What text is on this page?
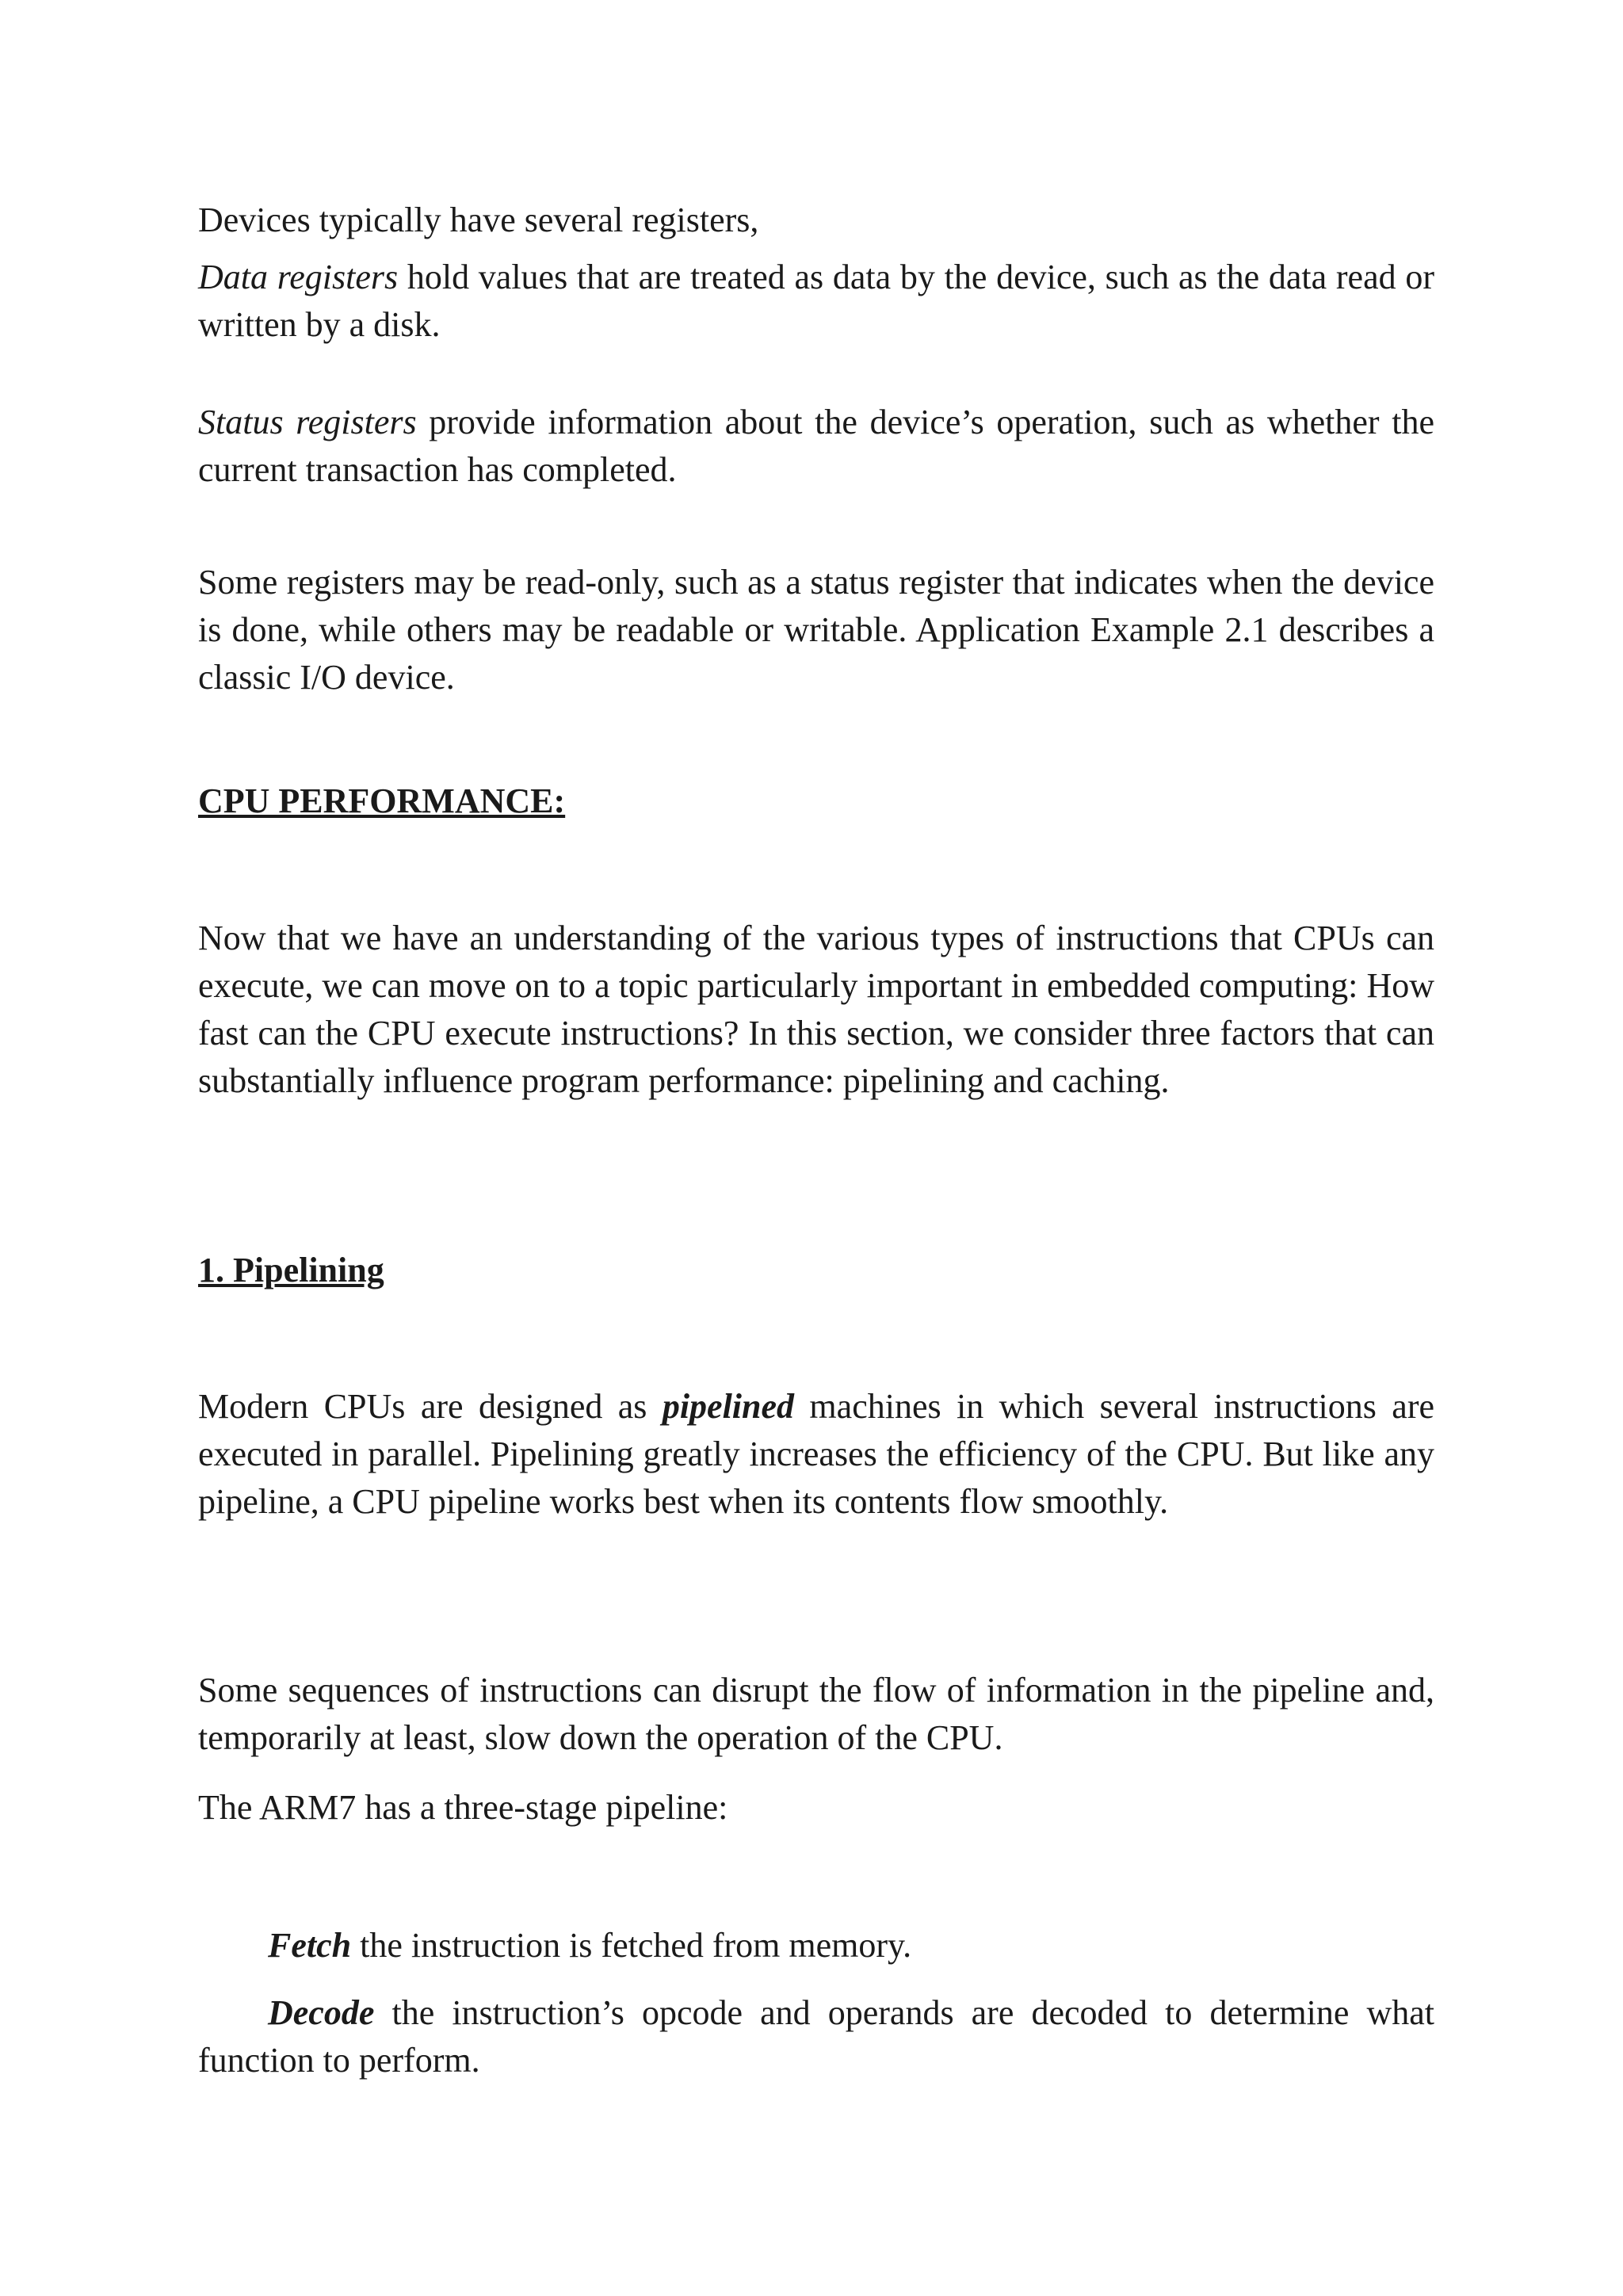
Devices typically have several registers,

Data registers hold values that are treated as data by the device, such as the data read or written by a disk.

Status registers provide information about the device’s operation, such as whether the current transaction has completed.

Some registers may be read-only, such as a status register that indicates when the device is done, while others may be readable or writable. Application Example 2.1 describes a classic I/O device.

CPU PERFORMANCE:

Now that we have an understanding of the various types of instructions that CPUs can execute, we can move on to a topic particularly important in embedded computing: How fast can the CPU execute instructions? In this section, we consider three factors that can substantially influence program performance: pipelining and caching.

1. Pipelining

Modern CPUs are designed as pipelined machines in which several instructions are executed in parallel. Pipelining greatly increases the efficiency of the CPU. But like any pipeline, a CPU pipeline works best when its contents flow smoothly.

Some sequences of instructions can disrupt the flow of information in the pipeline and, temporarily at least, slow down the operation of the CPU.

The ARM7 has a three-stage pipeline:

Fetch the instruction is fetched from memory.

Decode the instruction’s opcode and operands are decoded to determine what function to perform.
